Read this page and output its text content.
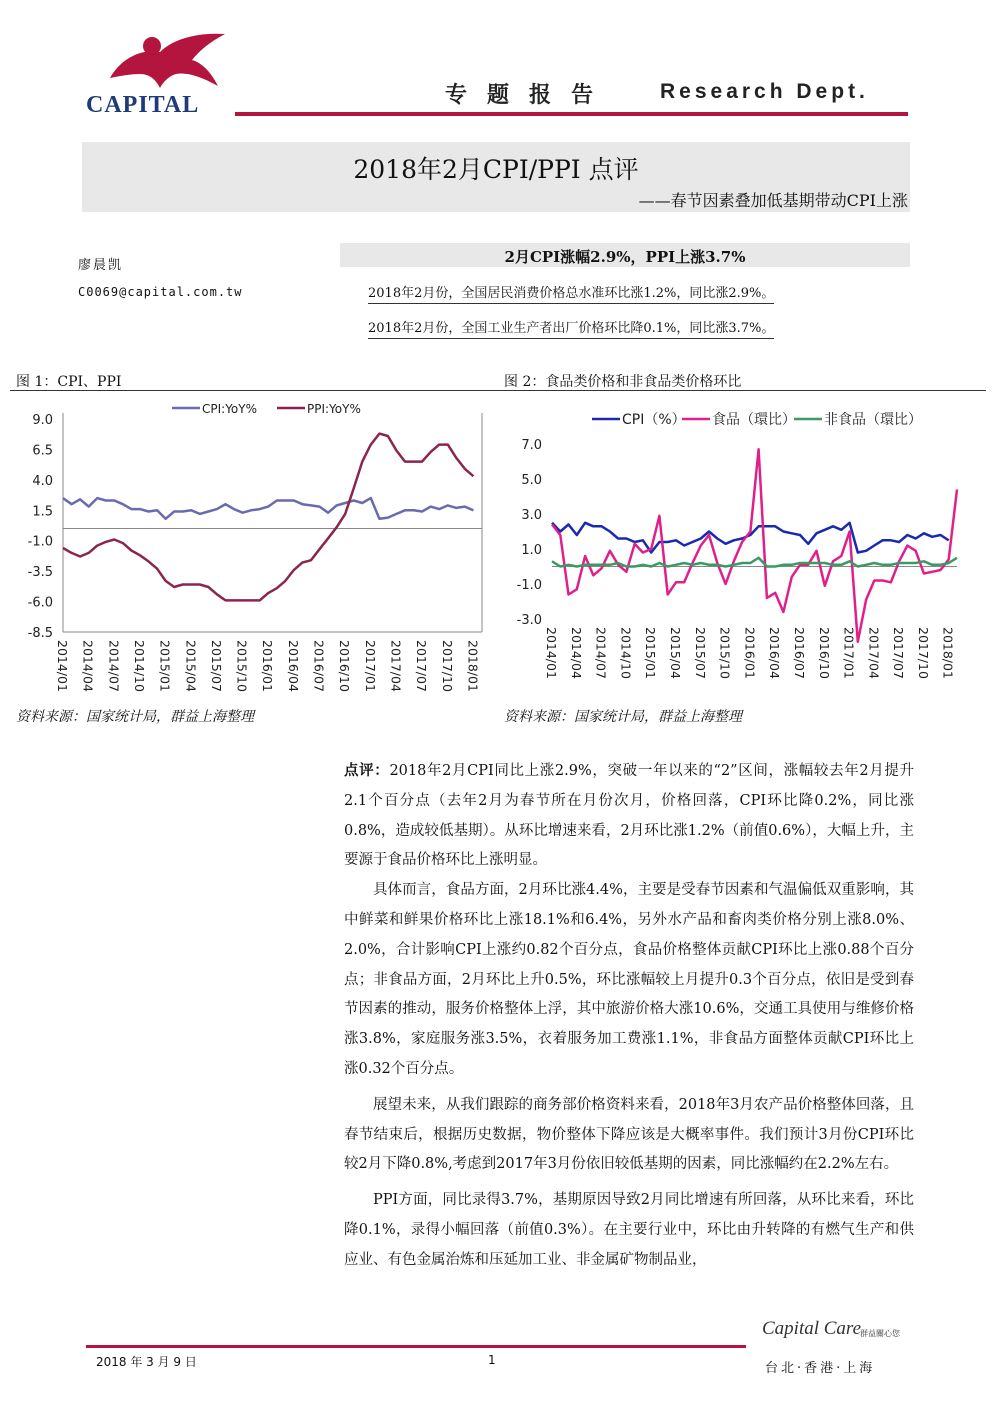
CAPITAL	专题报告 Research Dept.
2018年2月CPI/PPI 点评
——春节因素叠加低基期带动CPI上涨
廖晨凯
C0069@capital.com.tw
2月CPI涨幅2.9%，PPI上涨3.7%
2018年2月份，全国居民消费价格总水准环比涨1.2%，同比涨2.9%。
2018年2月份，全国工业生产者出厂价格环比降0.1%，同比涨3.7%。
图 1：CPI、PPI	图 2：食品类价格和非食品类价格环比
9.0
6.5
4.0
1.5
-1.0
-3.5
-6.0
-8.5
2014/01 2014/04 2014/07 2014/10 2015/01 2015/04 2015/07 2015/10 2016/01 2016/04 2016/07 2016/10 2017/01 2017/04 2017/07 2017/10 2018/01
CPI:YoY%	PPI:YoY%
7.0
5.0
3.0
1.0
-1.0
-3.0
2014/01 2014/04 2014/07 2014/10 2015/01 2015/04 2015/07 2015/10 2016/01 2016/04 2016/07 2016/10 2017/01 2017/04 2017/07 2017/10 2018/01
CPI（%） 食品（環比） 非食品（環比）
资料来源：国家统计局，群益上海整理	资料来源：国家统计局，群益上海整理

点评：2018年2月CPI同比上涨2.9%，突破一年以来的“2”区间，涨幅较去年2月提升2.1个百分点（去年2月为春节所在月份次月，价格回落，CPI环比降0.2%，同比涨0.8%，造成较低基期）。从环比增速来看，2月环比涨1.2%（前值0.6%），大幅上升，主要源于食品价格环比上涨明显。

具体而言，食品方面，2月环比涨4.4%，主要是受春节因素和气温偏低双重影响，其中鲜菜和鲜果价格环比上涨18.1%和6.4%，另外水产品和畜肉类价格分别上涨8.0%、2.0%，合计影响CPI上涨约0.82个百分点，食品价格整体贡献CPI环比上涨0.88个百分点；非食品方面，2月环比上升0.5%，环比涨幅较上月提升0.3个百分点，依旧是受到春节因素的推动，服务价格整体上浮，其中旅游价格大涨10.6%，交通工具使用与维修价格涨3.8%，家庭服务涨3.5%，衣着服务加工费涨1.1%，非食品方面整体贡献CPI环比上涨0.32个百分点。

展望未来，从我们跟踪的商务部价格资料来看，2018年3月农产品价格整体回落，且春节结束后，根据历史数据，物价整体下降应该是大概率事件。我们预计3月份CPI环比较2月下降0.8%,考虑到2017年3月份依旧较低基期的因素，同比涨幅约在2.2%左右。

PPI方面，同比录得3.7%，基期原因导致2月同比增速有所回落，从环比来看，环比降0.1%，录得小幅回落（前值0.3%）。在主要行业中，环比由升转降的有燃气生产和供应业、有色金属治炼和压延加工业、非金属矿物制品业，

2018 年 3 月 9 日	1
Capital Care
群益關心您
台北·香港·上海
